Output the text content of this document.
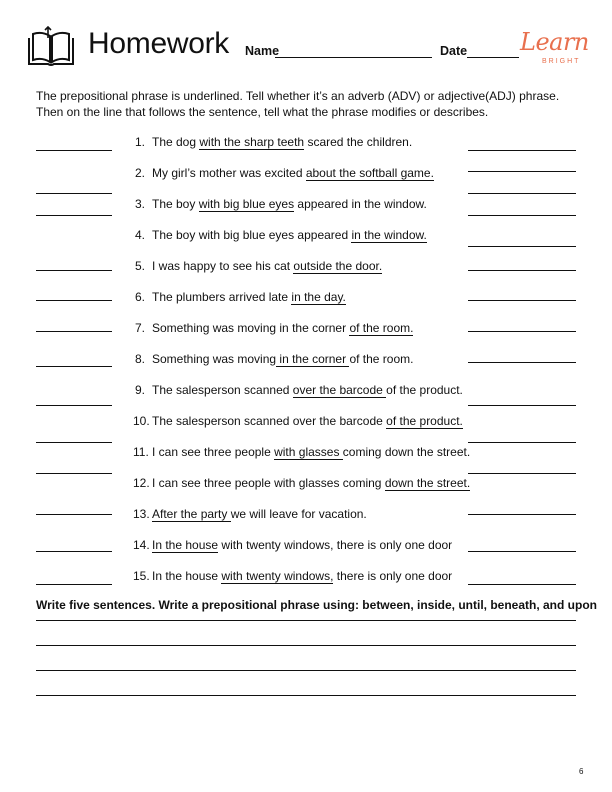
Homework Name	Date Learn
BRIGHT
The prepositional phrase is underlined. Tell whether it’s an adverb (ADV) or adjective(ADJ) phrase.
Then on the line that follows the sentence, tell what the phrase modifies or describes.
1. The dog with the sharp teeth scared the children.
2. My girl’s mother was excited about the softball game.
3. The boy with big blue eyes appeared in the window.
4. The boy with big blue eyes appeared in the window.
5. I was happy to see his cat outside the door.
6. The plumbers arrived late in the day.
7. Something was moving in the corner of the room.
8. Something was moving in the corner of the room.
9. The salesperson scanned over the barcode of the product.
10. The salesperson scanned over the barcode of the product.
11. I can see three people with glasses coming down the street.
12. I can see three people with glasses coming down the street.
13. After the party we will leave for vacation.
14. In the house with twenty windows, there is only one door
15. In the house with twenty windows, there is only one door
Write five sentences. Write a prepositional phrase using: between, inside, until, beneath, and upon
6
